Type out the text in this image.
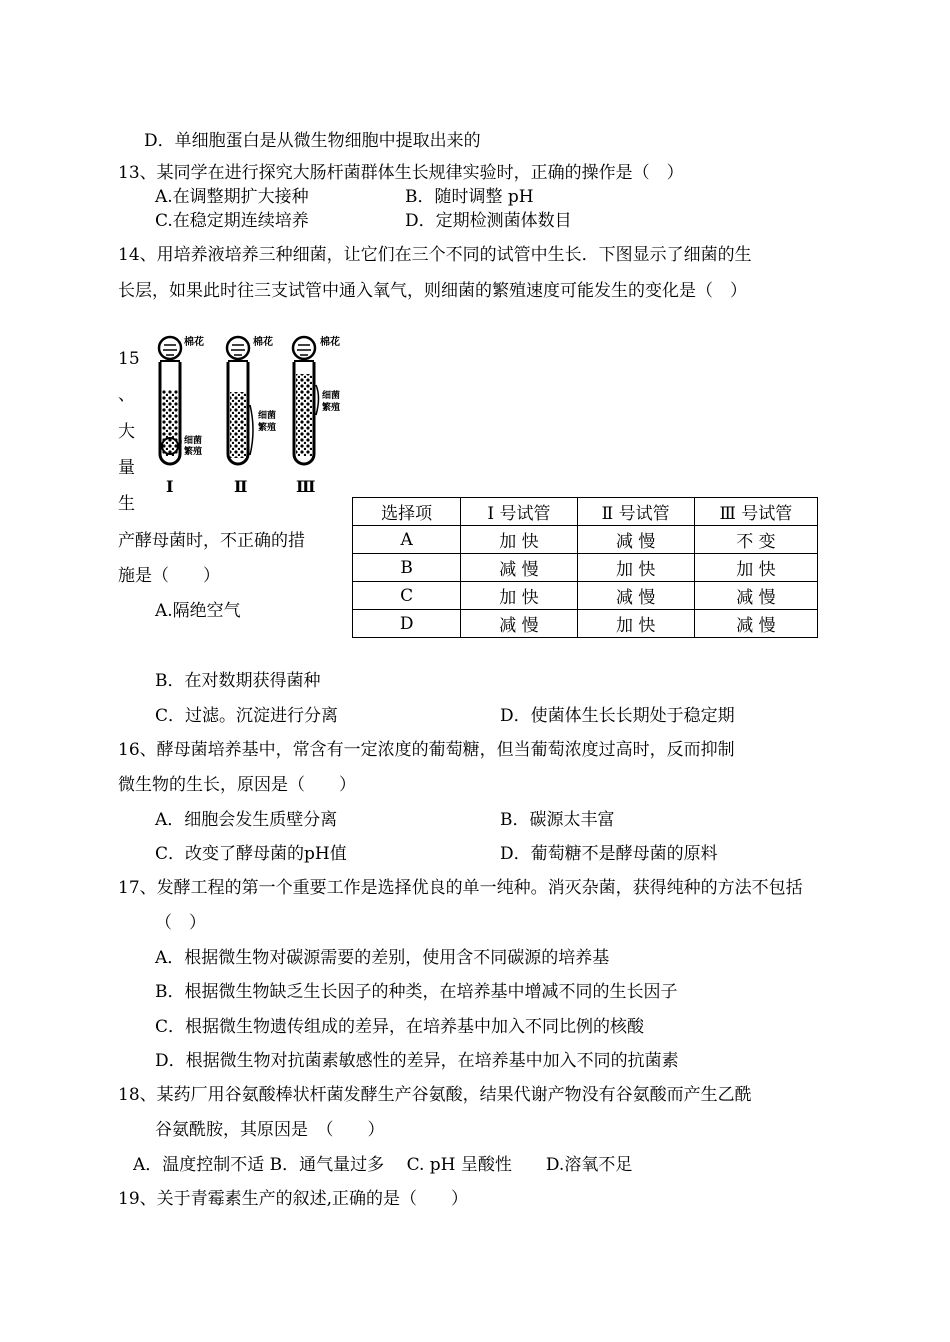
D．单细胞蛋白是从微生物细胞中提取出来的
13、某同学在进行探究大肠杆菌群体生长规律实验时，正确的操作是（　）
A.在调整期扩大接种	B．随时调整 pH
C.在稳定期连续培养	D．定期检测菌体数目
14、用培养液培养三种细菌，让它们在三个不同的试管中生长．下图显示了细菌的生
长层，如果此时往三支试管中通入氧气，则细菌的繁殖速度可能发生的变化是（　）
15
、
大
量
生
产酵母菌时，不正确的措
施是（　　）
A.隔绝空气
棉花
细菌
繁殖
Ⅰ
棉花
细菌
繁殖
Ⅱ
棉花
细菌
繁殖
Ⅲ
选择项	Ⅰ 号试管	Ⅱ 号试管	Ⅲ 号试管
A	加 快	减 慢	不 变
B	减 慢	加 快	加 快
C	加 快	减 慢	减 慢
D	减 慢	加 快	减 慢
B．在对数期获得菌种
C．过滤。沉淀进行分离	D．使菌体生长长期处于稳定期
16、酵母菌培养基中，常含有一定浓度的葡萄糖，但当葡萄浓度过高时，反而抑制
微生物的生长，原因是（　　）
A．细胞会发生质壁分离	B．碳源太丰富
C．改变了酵母菌的pH值	D．葡萄糖不是酵母菌的原料
17、发酵工程的第一个重要工作是选择优良的单一纯种。消灭杂菌，获得纯种的方法不包括
（　）
A．根据微生物对碳源需要的差别，使用含不同碳源的培养基
B．根据微生物缺乏生长因子的种类，在培养基中增减不同的生长因子
C．根据微生物遗传组成的差异，在培养基中加入不同比例的核酸
D．根据微生物对抗菌素敏感性的差异，在培养基中加入不同的抗菌素
18、某药厂用谷氨酸棒状杆菌发酵生产谷氨酸，结果代谢产物没有谷氨酸而产生乙酰
谷氨酰胺，其原因是　（　　）
A．温度控制不适 B．通气量过多　 C. pH 呈酸性　　D.溶氧不足
19、关于青霉素生产的叙述,正确的是（　　）
